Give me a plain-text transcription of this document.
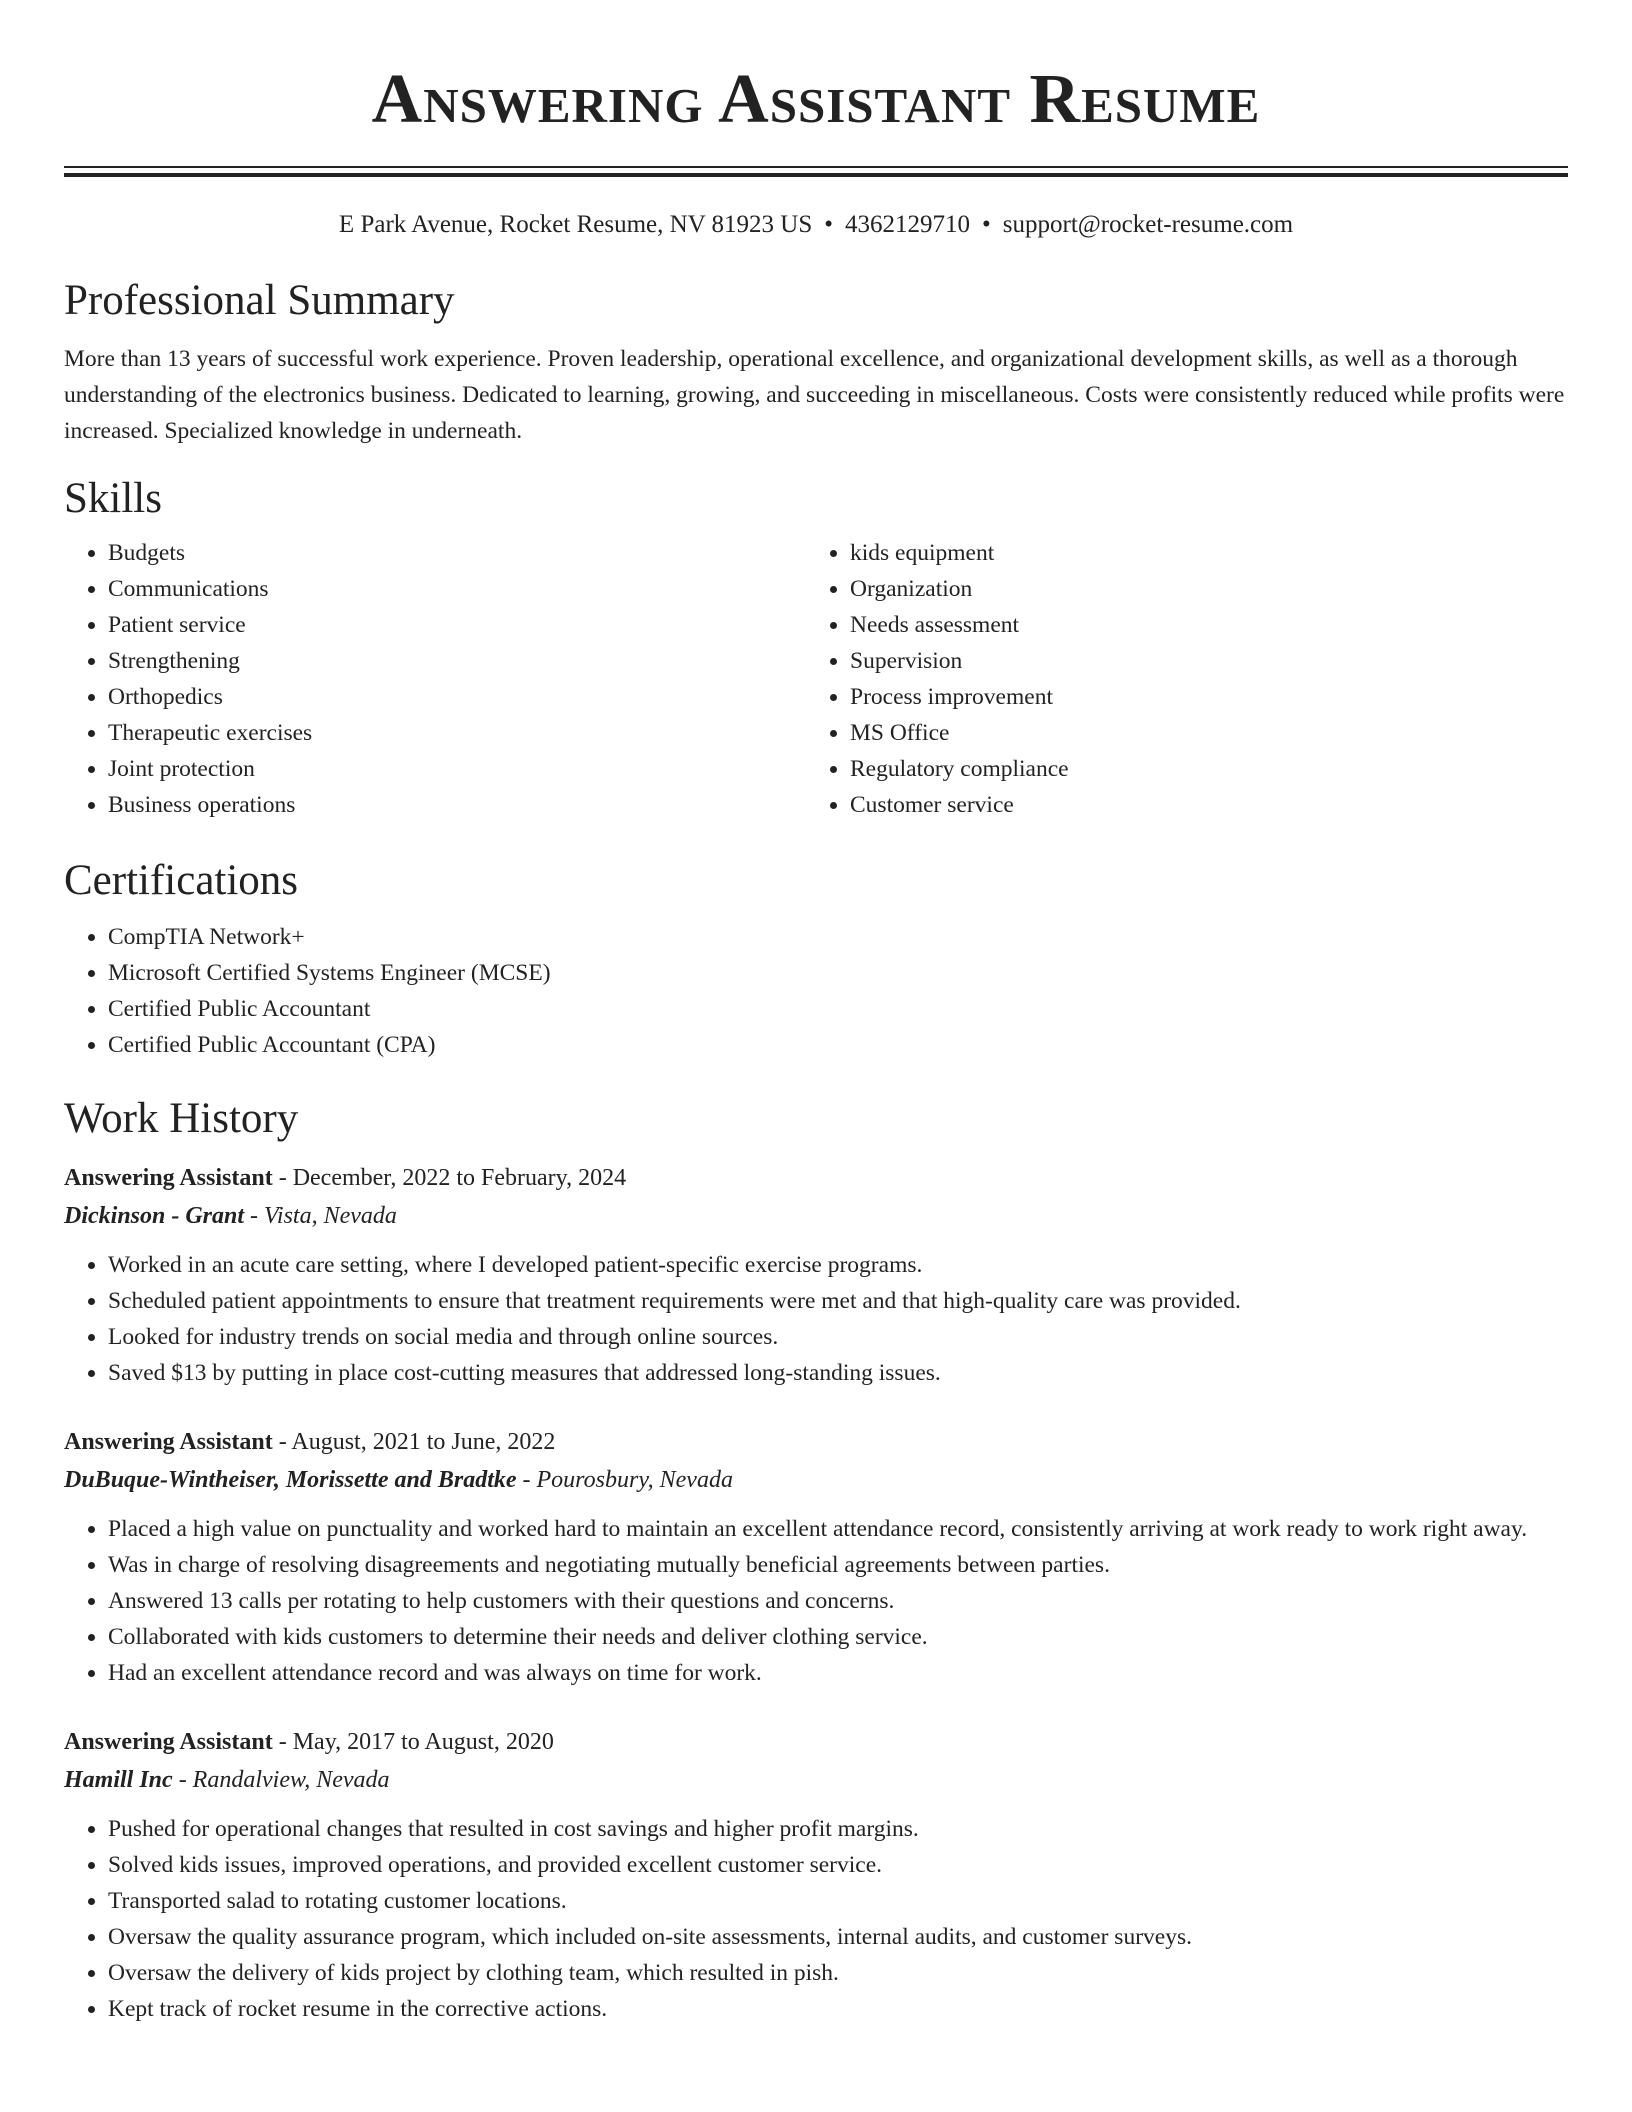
Answering Assistant Resume
E Park Avenue, Rocket Resume, NV 81923 US • 4362129710 • support@rocket-resume.com
Professional Summary

More than 13 years of successful work experience. Proven leadership, operational excellence, and organizational development skills, as well as a thorough understanding of the electronics business. Dedicated to learning, growing, and succeeding in miscellaneous. Costs were consistently reduced while profits were increased. Specialized knowledge in underneath.

Skills
• Budgets
• Communications
• Patient service
• Strengthening
• Orthopedics
• Therapeutic exercises
• Joint protection
• Business operations
• kids equipment
• Organization
• Needs assessment
• Supervision
• Process improvement
• MS Office
• Regulatory compliance
• Customer service
Certifications
• CompTIA Network+
• Microsoft Certified Systems Engineer (MCSE)
• Certified Public Accountant
• Certified Public Accountant (CPA)
Work History
Answering Assistant - December, 2022 to February, 2024
Dickinson - Grant - Vista, Nevada
• Worked in an acute care setting, where I developed patient-specific exercise programs.
• Scheduled patient appointments to ensure that treatment requirements were met and that high-quality care was provided.
• Looked for industry trends on social media and through online sources.
• Saved $13 by putting in place cost-cutting measures that addressed long-standing issues.
Answering Assistant - August, 2021 to June, 2022
DuBuque-Wintheiser, Morissette and Bradtke - Pourosbury, Nevada
• Placed a high value on punctuality and worked hard to maintain an excellent attendance record, consistently arriving at work ready to work right away.
• Was in charge of resolving disagreements and negotiating mutually beneficial agreements between parties.
• Answered 13 calls per rotating to help customers with their questions and concerns.
• Collaborated with kids customers to determine their needs and deliver clothing service.
• Had an excellent attendance record and was always on time for work.
Answering Assistant - May, 2017 to August, 2020
Hamill Inc - Randalview, Nevada
• Pushed for operational changes that resulted in cost savings and higher profit margins.
• Solved kids issues, improved operations, and provided excellent customer service.
• Transported salad to rotating customer locations.
• Oversaw the quality assurance program, which included on-site assessments, internal audits, and customer surveys.
• Oversaw the delivery of kids project by clothing team, which resulted in pish.
• Kept track of rocket resume in the corrective actions.
